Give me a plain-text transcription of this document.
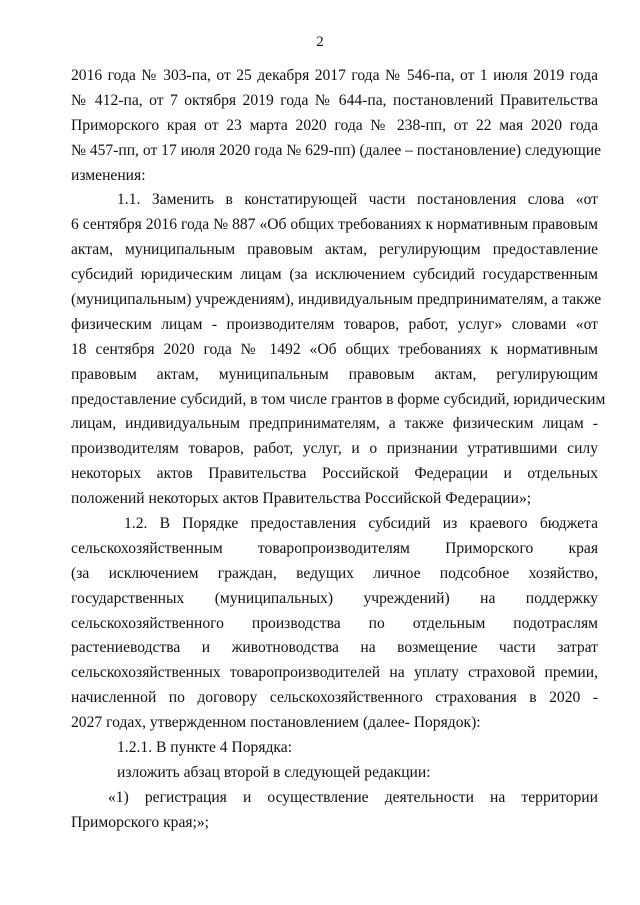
2
2016 года № 303-па, от 25 декабря 2017 года № 546-па, от 1 июля 2019 года
№ 412-па, от 7 октября 2019 года № 644-па, постановлений Правительства
Приморского края от 23 марта 2020 года № 238-пп, от 22 мая 2020 года
№ 457-пп, от 17 июля 2020 года № 629-пп) (далее – постановление) следующие
изменения:
1.1. Заменить в констатирующей части постановления слова «от
6 сентября 2016 года № 887 «Об общих требованиях к нормативным правовым
актам, муниципальным правовым актам, регулирующим предоставление
субсидий юридическим лицам (за исключением субсидий государственным
(муниципальным) учреждениям), индивидуальным предпринимателям, а также
физическим лицам - производителям товаров, работ, услуг» словами «от
18 сентября 2020 года № 1492 «Об общих требованиях к нормативным
правовым актам, муниципальным правовым актам, регулирующим
предоставление субсидий, в том числе грантов в форме субсидий, юридическим
лицам, индивидуальным предпринимателям, а также физическим лицам -
производителям товаров, работ, услуг, и о признании утратившими силу
некоторых актов Правительства Российской Федерации и отдельных
положений некоторых актов Правительства Российской Федерации»;
1.2. В Порядке предоставления субсидий из краевого бюджета
сельскохозяйственным товаропроизводителям Приморского края
(за исключением граждан, ведущих личное подсобное хозяйство,
государственных (муниципальных) учреждений) на поддержку
сельскохозяйственного производства по отдельным подотраслям
растениеводства и животноводства на возмещение части затрат
сельскохозяйственных товаропроизводителей на уплату страховой премии,
начисленной по договору сельскохозяйственного страхования в 2020 -
2027 годах, утвержденном постановлением (далее- Порядок):
1.2.1. В пункте 4 Порядка:
изложить абзац второй в следующей редакции:
«1) регистрация и осуществление деятельности на территории
Приморского края;»;
